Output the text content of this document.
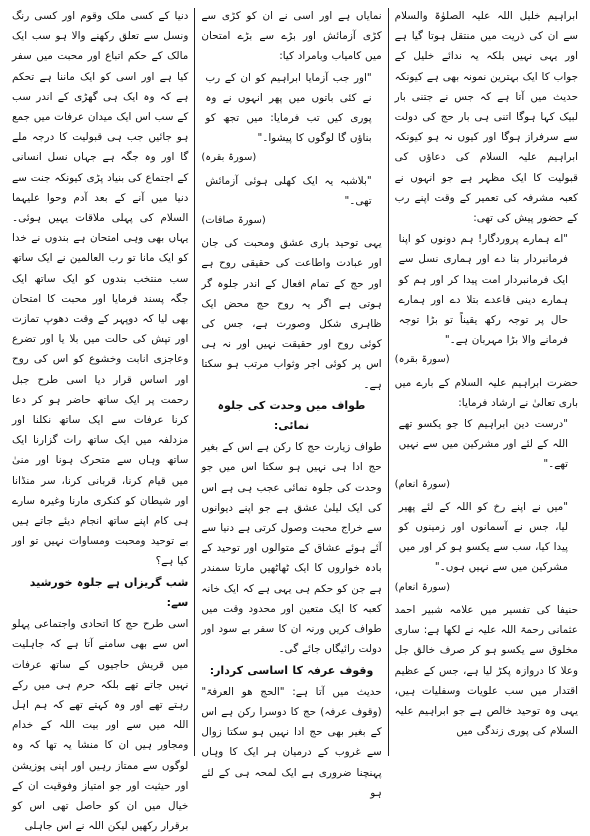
ابراہیم خلیل اللہ علیہ الصلوٰۃ والسلام سے ان کی ذریت میں منتقل ہوتا گیا ہے اور یہی نہیں بلکہ یہ ندائے خلیل کے جواب کا ایک بہترین نمونہ بھی ہے کیونکہ حدیث میں آتا ہے کہ جس نے جتنی بار لبیک کہا ہوگا اتنی ہی بار حج کی دولت سے سرفراز ہوگا اور کیوں نہ ہو کیونکہ ابراہیم علیہ السلام کی دعاؤں کی قبولیت کا ایک مظہر ہے جو انہوں نے کعبہ مشرفہ کی تعمیر کے وقت اپنے رب کے حضور پیش کی تھی:
"اے ہمارے پروردگار! ہم دونوں کو اپنا فرمانبردار بنا دے اور ہماری نسل سے ایک فرمانبردار امت پیدا کر اور ہم کو ہمارے دینی قاعدے بتلا دے اور ہمارے حال پر توجہ رکھ یقیناً تو بڑا توجہ فرمانے والا بڑا مہربان ہے۔"
(سورۃ بقرہ)
حضرت ابراہیم علیہ السلام کے بارے میں باری تعالیٰ نے ارشاد فرمایا:
"درست دین ابراہیم کا جو یکسو تھے اللہ کے لئے اور مشرکین میں سے نہیں تھے۔"
(سورۃ انعام)
"میں نے اپنے رخ کو اللہ کے لئے پھیر لیا، جس نے آسمانوں اور زمینوں کو پیدا کیا، سب سے یکسو ہو کر اور میں مشرکین میں سے نہیں ہوں۔"
(سورۃ انعام)
حنیفا کی تفسیر میں علامہ شبیر احمد عثمانی رحمۃ اللہ علیہ نے لکھا ہے: ساری مخلوق سے یکسو ہو کر صرف خالق جل وعلا کا دروازہ پکڑ لیا ہے، جس کے عظیم اقتدار میں سب علویات وسفلیات ہیں، یہی وہ توحید خالص ہے جو ابراہیم علیہ السلام کی پوری زندگی میں
نمایاں ہے اور اسی نے ان کو کڑی سے کڑی آزمائش اور بڑے سے بڑے امتحان میں کامیاب وبامراد کیا:
"اور جب آزمایا ابراہیم کو ان کے رب نے کئی باتوں میں پھر انہوں نے وہ پوری کیں تب فرمایا: میں تجھ کو بناؤں گا لوگوں کا پیشوا۔"
(سورۃ بقرہ)
"بلاشبہ یہ ایک کھلی ہوئی آزمائش تھی۔"
(سورۃ صافات)
یہی توحید باری عشق ومحبت کی جان اور عبادت واطاعت کی حقیقی روح ہے اور حج کے تمام افعال کے اندر جلوہ گر ہوتی ہے اگر یہ روح حج محض ایک ظاہری شکل وصورت ہے، جس کی کوئی روح اور حقیقت نہیں اور نہ ہی اس پر کوئی اجر وثواب مرتب ہو سکتا ہے۔
طواف میں وحدت کی جلوہ نمائی:
طواف زیارت حج کا رکن ہے اس کے بغیر حج ادا ہی نہیں ہو سکتا اس میں جو وحدت کی جلوہ نمائی عجب ہی ہے اس کی ایک لیلیٰ عشق ہے جو اپنے دیوانوں سے خراج محبت وصول کرتی ہے دنیا سے آئے ہوئے عشاق کے متوالوں اور توحید کے بادہ خواروں کا ایک ٹھاٹھیں مارتا سمندر ہے جن کو حکم ہی یہی ہے کہ ایک خانہ کعبہ کا ایک متعین اور محدود وقت میں طواف کریں ورنہ ان کا سفر بے سود اور دولت رائیگاں جائے گی۔
وقوف عرفہ کا اساسی کردار:
حدیث میں آتا ہے: "الحج ھو العرفۃ" (وقوف عرفہ) حج کا دوسرا رکن ہے اس کے بغیر بھی حج ادا نہیں ہو سکتا زوال سے غروب کے درمیان ہر ایک کا وہاں پہنچنا ضروری ہے ایک لمحہ ہی کے لئے ہو
دنیا کے کسی ملک وقوم اور کسی رنگ ونسل سے تعلق رکھنے والا ہو سب ایک مالک کے حکم اتباع اور محبت میں سفر کیا ہے اور اسی کو ایک ماننا ہے تحکم ہے کہ وہ ایک ہی گھڑی کے اندر سب کے سب اس ایک میدان عرفات میں جمع ہو جائیں جب ہی قبولیت کا درجہ ملے گا اور وہ جگہ ہے جہاں نسل انسانی کے اجتماع کی بنیاد پڑی کیونکہ جنت سے دنیا میں آنے کے بعد آدم وحوا علیہما السلام کی پہلی ملاقات یہیں ہوئی۔ یہاں بھی وہی امتحان ہے بندوں نے خدا کو ایک مانا تو رب العالمین نے ایک ساتھ سب منتخب بندوں کو ایک ساتھ ایک جگہ پسند فرمایا اور محبت کا امتحان بھی لیا کہ دوپہر کے وقت دھوپ تمازت اور تپش کی حالت میں بلا یا اور تضرع وعاجزی انابت وخشوع کو اس کی روح اور اساس قرار دیا اسی طرح جبل رحمت پر ایک ساتھ حاضر ہو کر دعا کرنا عرفات سے ایک ساتھ نکلنا اور مزدلفہ میں ایک ساتھ رات گزارنا ایک ساتھ وہاں سے متحرک ہونا اور منیٰ میں قیام کرنا، قربانی کرنا، سر منڈانا اور شیطان کو کنکری مارنا وغیرہ سارے ہی کام اپنے ساتھ انجام دیئے جاتے ہیں بے توحید ومحبت ومساوات نہیں تو اور کیا ہے؟
شب گریزاں ہے جلوہ خورشید سے:
اسی طرح حج کا اتحادی واجتماعی پہلو اس سے بھی سامنے آتا ہے کہ جاہلیت میں قریش حاجیوں کے ساتھ عرفات نہیں جاتے تھے بلکہ حرم ہی میں رکے رہتے تھے اور وہ کہتے تھے کہ ہم اہل اللہ میں سے اور بیت اللہ کے خدام ومجاور ہیں ان کا منشا یہ تھا کہ وہ لوگوں سے ممتاز رہیں اور اپنی پوزیشن اور حیثیت اور جو امتیاز وفوقیت ان کے خیال میں ان کو حاصل تھی اس کو برقرار رکھیں لیکن اللہ نے اس جاہلی
